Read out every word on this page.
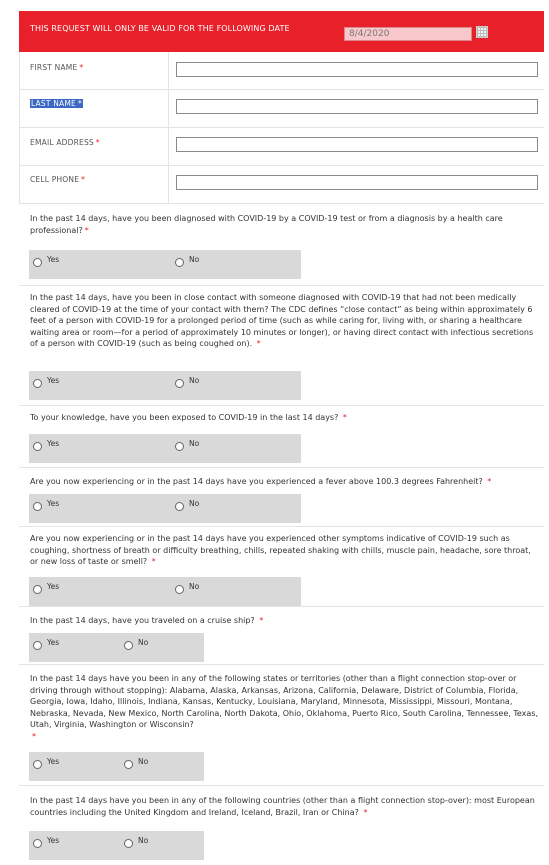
THIS REQUEST WILL ONLY BE VALID FOR THE FOLLOWING DATE
8/4/2020
FIRST NAME *
LAST NAME *
EMAIL ADDRESS *
CELL PHONE *
In the past 14 days, have you been diagnosed with COVID-19 by a COVID-19 test or from a diagnosis by a health care professional? *
Yes	No
In the past 14 days, have you been in close contact with someone diagnosed with COVID-19 that had not been medically cleared of COVID-19 at the time of your contact with them? The CDC defines “close contact” as being within approximately 6 feet of a person with COVID-19 for a prolonged period of time (such as while caring for, living with, or sharing a healthcare waiting area or room—for a period of approximately 10 minutes or longer), or having direct contact with infectious secretions of a person with COVID-19 (such as being coughed on). *
Yes	No
To your knowledge, have you been exposed to COVID-19 in the last 14 days? *
Yes	No
Are you now experiencing or in the past 14 days have you experienced a fever above 100.3 degrees Fahrenheit? *
Yes	No
Are you now experiencing or in the past 14 days have you experienced other symptoms indicative of COVID-19 such as coughing, shortness of breath or difficulty breathing, chills, repeated shaking with chills, muscle pain, headache, sore throat, or new loss of taste or smell? *
Yes	No
In the past 14 days, have you traveled on a cruise ship? *
Yes	No
In the past 14 days have you been in any of the following states or territories (other than a flight connection stop-over or driving through without stopping): Alabama, Alaska, Arkansas, Arizona, California, Delaware, District of Columbia, Florida, Georgia, Iowa, Idaho, Illinois, Indiana, Kansas, Kentucky, Louisiana, Maryland, Minnesota, Mississippi, Missouri, Montana, Nebraska, Nevada, New Mexico, North Carolina, North Dakota, Ohio, Oklahoma, Puerto Rico, South Carolina, Tennessee, Texas, Utah, Virginia, Washington or Wisconsin?
*
Yes	No
In the past 14 days have you been in any of the following countries (other than a flight connection stop-over): most European countries including the United Kingdom and Ireland, Iceland, Brazil, Iran or China? *
Yes	No
